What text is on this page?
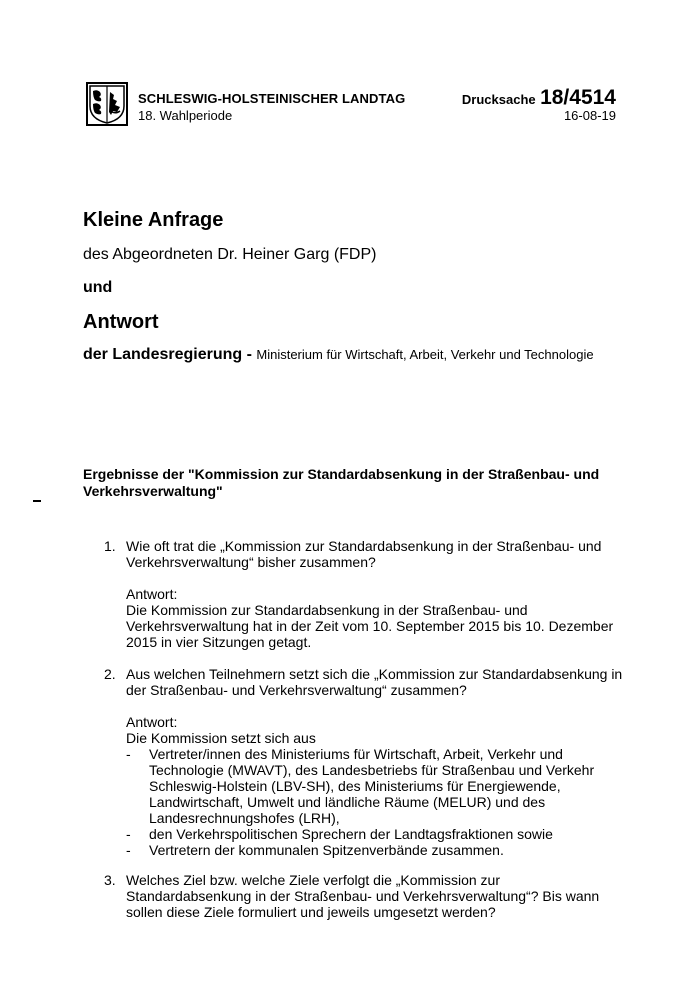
SCHLESWIG-HOLSTEINISCHER LANDTAG
18. Wahlperiode
Drucksache 18/4514
16-08-19
Kleine Anfrage
des Abgeordneten Dr. Heiner Garg (FDP)
und
Antwort
der Landesregierung - Ministerium für Wirtschaft, Arbeit, Verkehr und Technologie
Ergebnisse der "Kommission zur Standardabsenkung in der Straßenbau- und Verkehrsverwaltung"
1. Wie oft trat die „Kommission zur Standardabsenkung in der Straßenbau- und Verkehrsverwaltung“ bisher zusammen?
Antwort:
Die Kommission zur Standardabsenkung in der Straßenbau- und Verkehrsverwaltung hat in der Zeit vom 10. September 2015 bis 10. Dezember 2015 in vier Sitzungen getagt.
2. Aus welchen Teilnehmern setzt sich die „Kommission zur Standardabsenkung in der Straßenbau- und Verkehrsverwaltung“ zusammen?
Antwort:
Die Kommission setzt sich aus
- Vertreter/innen des Ministeriums für Wirtschaft, Arbeit, Verkehr und Technologie (MWAVT), des Landesbetriebs für Straßenbau und Verkehr Schleswig-Holstein (LBV-SH), des Ministeriums für Energiewende, Landwirtschaft, Umwelt und ländliche Räume (MELUR) und des Landesrechnungshofes (LRH),
- den Verkehrspolitischen Sprechern der Landtagsfraktionen sowie
- Vertretern der kommunalen Spitzenverbände zusammen.
3. Welches Ziel bzw. welche Ziele verfolgt die „Kommission zur Standardabsenkung in der Straßenbau- und Verkehrsverwaltung“? Bis wann sollen diese Ziele formuliert und jeweils umgesetzt werden?
